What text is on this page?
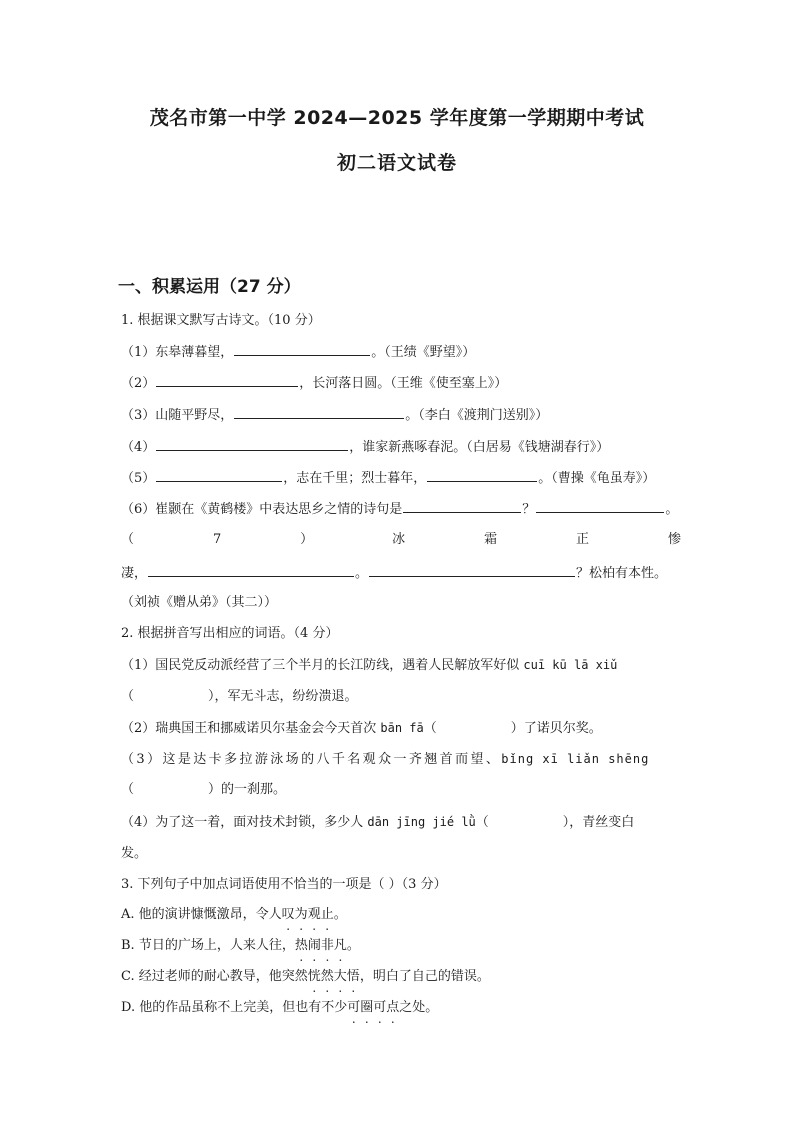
茂名市第一中学 2024—2025 学年度第一学期期中考试
初二语文试卷
一、积累运用（27 分）
1. 根据课文默写古诗文。（10 分）
（1）东皋薄暮望，	。（王绩《野望》）
（2）	，长河落日圆。（王维《使至塞上》）
（3）山随平野尽，	。（李白《渡荆门送别》）
（4）	，谁家新燕啄春泥。（白居易《钱塘湖春行》）
（5）	，志在千里；烈士暮年，	。（曹操《龟虽寿》）
（6）崔颢在《黄鹤楼》中表达思乡之情的诗句是	？	。
（	7	）	冰	霜	正	惨
凄，	。	？松柏有本性。
（刘祯《赠从弟》（其二））
2. 根据拼音写出相应的词语。（4 分）
（1）国民党反动派经营了三个半月的长江防线，遇着人民解放军好似 cuī kū lā xiǔ
（	），军无斗志，纷纷溃退。
（2）瑞典国王和挪威诺贝尔基金会今天首次 bān fā（	）了诺贝尔奖。
（3）这是达卡多拉游泳场的八千名观众一齐翘首而望、bǐng xī liǎn shēng
（	）的一刹那。
（4）为了这一着，面对技术封锁，多少人 dān jīng jié lǜ（	），青丝变白
发。
3. 下列句子中加点词语使用不恰当的一项是（ ）（3 分）
A. 他的演讲慷慨激昂，令人叹为观止。
B. 节日的广场上，人来人往，热闹非凡。
C. 经过老师的耐心教导，他突然恍然大悟，明白了自己的错误。
D. 他的作品虽称不上完美，但也有不少可圈可点之处。
